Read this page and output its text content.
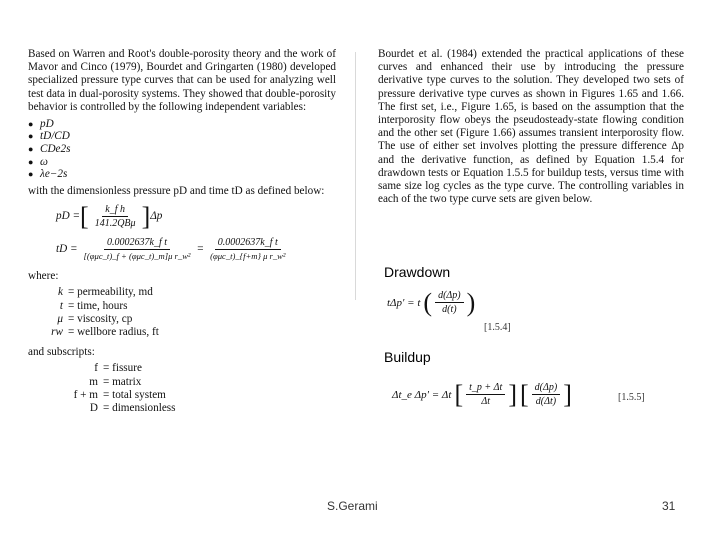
Based on Warren and Root's double-porosity theory and the work of Mavor and Cinco (1979), Bourdet and Gringarten (1980) developed specialized pressure type curves that can be used for analyzing well test data in dual-porosity systems. They showed that double-porosity behavior is controlled by the following independent variables:

● pD
● tD/CD
● CDe2s
● ω
● λe−2s

with the dimensionless pressure pD and time tD as defined below:

pD = [ $\frac{\text{k\_f h}}{\text{141.2QBμ}}$ ] Δp
tD = $\frac{\text{0.0002637k\_f t}}{\text{[(φμc\_t)\_f + (φμc\_t)\_m]μ r\_w²}} = \frac{\text{0.0002637k\_f t}}{\text{(φμc\_t)\_\{f+m\} μ r\_w²}}$

where:

k = permeability, md
t = time, hours
μ = viscosity, cp
rw = wellbore radius, ft

and subscripts:

f = fissure
m = matrix
f + m = total system
D = dimensionless

Bourdet et al. (1984) extended the practical applications of these curves and enhanced their use by introducing the pressure derivative type curves to the solution. They developed two sets of pressure derivative type curves as shown in Figures 1.65 and 1.66. The first set, i.e., Figure 1.65, is based on the assumption that the interporosity flow obeys the pseudosteady-state flowing condition and the other set (Figure 1.66) assumes transient interporosity flow. The use of either set involves plotting the pressure difference Δp and the derivative function, as defined by Equation 1.5.4 for drawdown tests or Equation 1.5.5 for buildup tests, versus time with same size log cycles as the type curve. The controlling variables in each of the two type curve sets are given below.

Drawdown
tΔp′ = t ( $\frac{d(\Delta p)}{d(t)}$ )
[1.5.4]
Buildup
Δt_e Δp′ = Δt [ $\frac{t\_p + \Delta t}{\Delta t}$ ] [ $\frac{d(\Delta p)}{d(\Delta t)}$ ]	[1.5.5]
S.Gerami	31
